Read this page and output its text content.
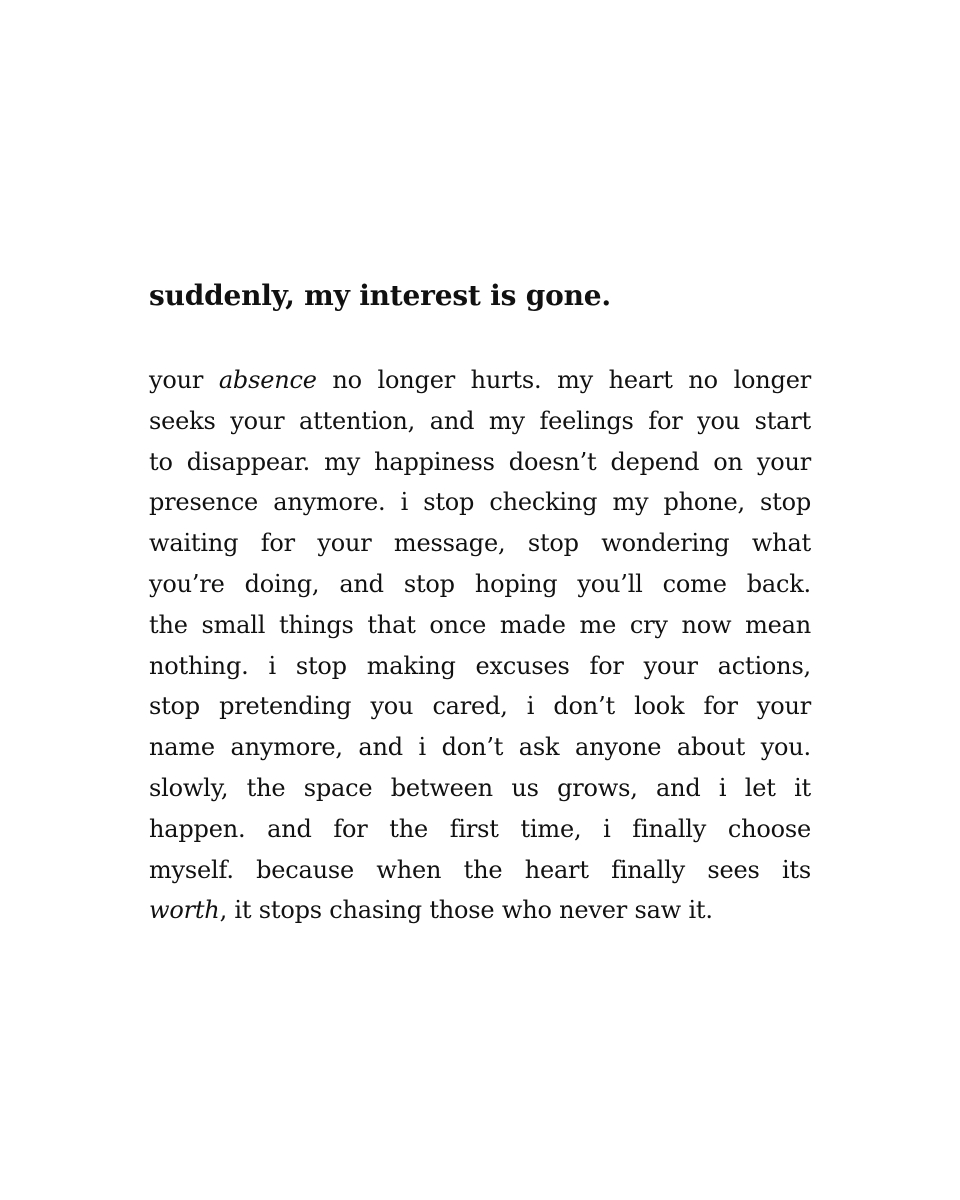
suddenly, my interest is gone.
your absence no longer hurts. my heart no longer
seeks your attention, and my feelings for you start
to disappear. my happiness doesn’t depend on your
presence anymore. i stop checking my phone, stop
waiting for your message, stop wondering what
you’re doing, and stop hoping you’ll come back.
the small things that once made me cry now mean
nothing. i stop making excuses for your actions,
stop pretending you cared, i don’t look for your
name anymore, and i don’t ask anyone about you.
slowly, the space between us grows, and i let it
happen. and for the first time, i finally choose
myself. because when the heart finally sees its
worth, it stops chasing those who never saw it.
